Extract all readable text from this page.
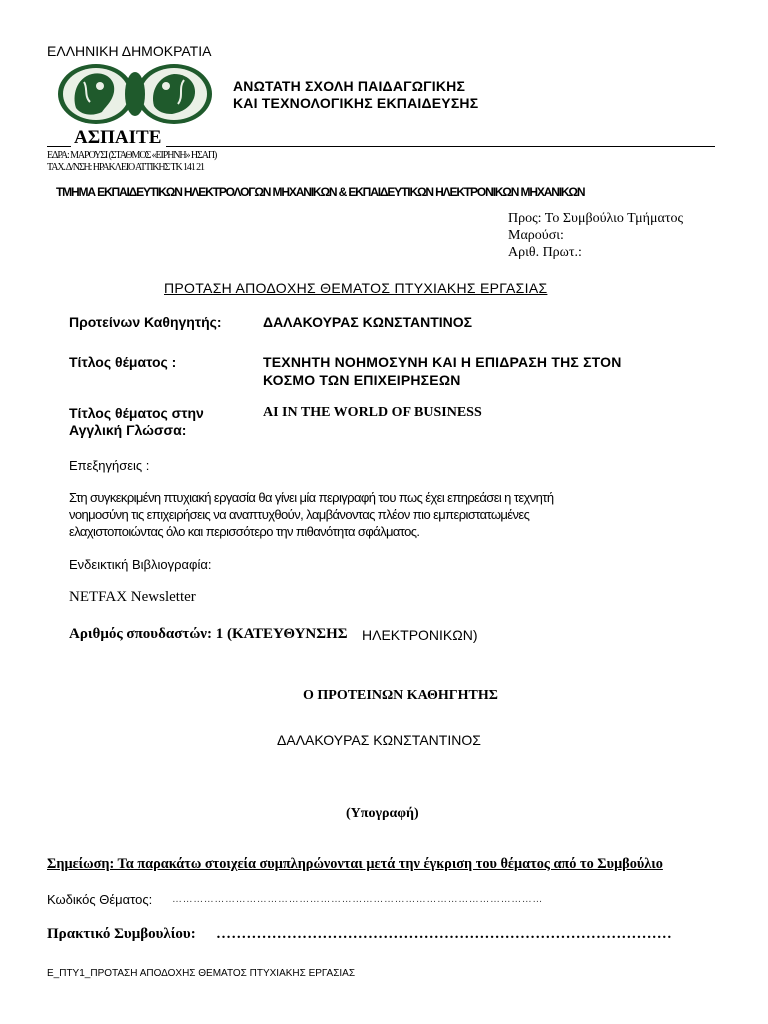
ΕΛΛΗΝΙΚΗ ΔΗΜΟΚΡΑΤΙΑ
ΑΝΩΤΑΤΗ ΣΧΟΛΗ ΠΑΙΔΑΓΩΓΙΚΗΣ
ΚΑΙ ΤΕΧΝΟΛΟΓΙΚΗΣ ΕΚΠΑΙΔΕΥΣΗΣ
ΑΣΠΑΙΤΕ
ΕΔΡΑ: ΜΑΡΟΥΣΙ (ΣΤΑΘΜΟΣ «ΕΙΡΗΝΗ» ΗΣΑΠ)
ΤΑΧ. Δ/ΝΣΗ: ΗΡΑΚΛΕΙΟ ΑΤΤΙΚΗΣ ΤΚ 141 21
ΤΜΗΜΑ ΕΚΠΑΙΔΕΥΤΙΚΩΝ ΗΛΕΚΤΡΟΛΟΓΩΝ ΜΗΧΑΝΙΚΩΝ & ΕΚΠΑΙΔΕΥΤΙΚΩΝ ΗΛΕΚΤΡΟΝΙΚΩΝ ΜΗΧΑΝΙΚΩΝ
Προς: Το Συμβούλιο Τμήματος
Μαρούσι:
Αριθ. Πρωτ.:
ΠΡΟΤΑΣΗ ΑΠΟΔΟΧΗΣ ΘΕΜΑΤΟΣ ΠΤΥΧΙΑΚΗΣ ΕΡΓΑΣΙΑΣ
Προτείνων Καθηγητής:	ΔΑΛΑΚΟΥΡΑΣ ΚΩΝΣΤΑΝΤΙΝΟΣ
Τίτλος θέματος :	ΤΕΧΝΗΤΗ ΝΟΗΜΟΣΥΝΗ ΚΑΙ Η ΕΠΙΔΡΑΣΗ ΤΗΣ ΣΤΟΝ
ΚΟΣΜΟ ΤΩΝ ΕΠΙΧΕΙΡΗΣΕΩΝ
Τίτλος θέματος στην
Αγγλική Γλώσσα:
AI IN THE WORLD OF BUSINESS
Επεξηγήσεις :
Στη συγκεκριμένη πτυχιακή εργασία θα γίνει μία περιγραφή του πως έχει επηρεάσει η τεχνητή
νοημοσύνη τις επιχειρήσεις να αναπτυχθούν, λαμβάνοντας πλέον πιο εμπεριστατωμένες
ελαχιστοποιώντας όλο και περισσότερο την πιθανότητα σφάλματος.
Ενδεικτική Βιβλιογραφία:
NETFAX Newsletter
Αριθμός σπουδαστών: 1 (ΚΑΤΕΥΘΥΝΣΗΣ ΗΛΕΚΤΡΟΝΙΚΩΝ)
Ο ΠΡΟΤΕΙΝΩΝ ΚΑΘΗΓΗΤΗΣ
ΔΑΛΑΚΟΥΡΑΣ ΚΩΝΣΤΑΝΤΙΝΟΣ
(Υπογραφή)
Σημείωση: Τα παρακάτω στοιχεία συμπληρώνονται μετά την έγκριση του θέματος από το Συμβούλιο
Κωδικός Θέματος: ……………………………………………………………………………………………
Πρακτικό Συμβουλίου: ………………………………………………………………………………
Ε_ΠΤΥ1_ΠΡΟΤΑΣΗ ΑΠΟΔΟΧΗΣ ΘΕΜΑΤΟΣ ΠΤΥΧΙΑΚΗΣ ΕΡΓΑΣΙΑΣ
